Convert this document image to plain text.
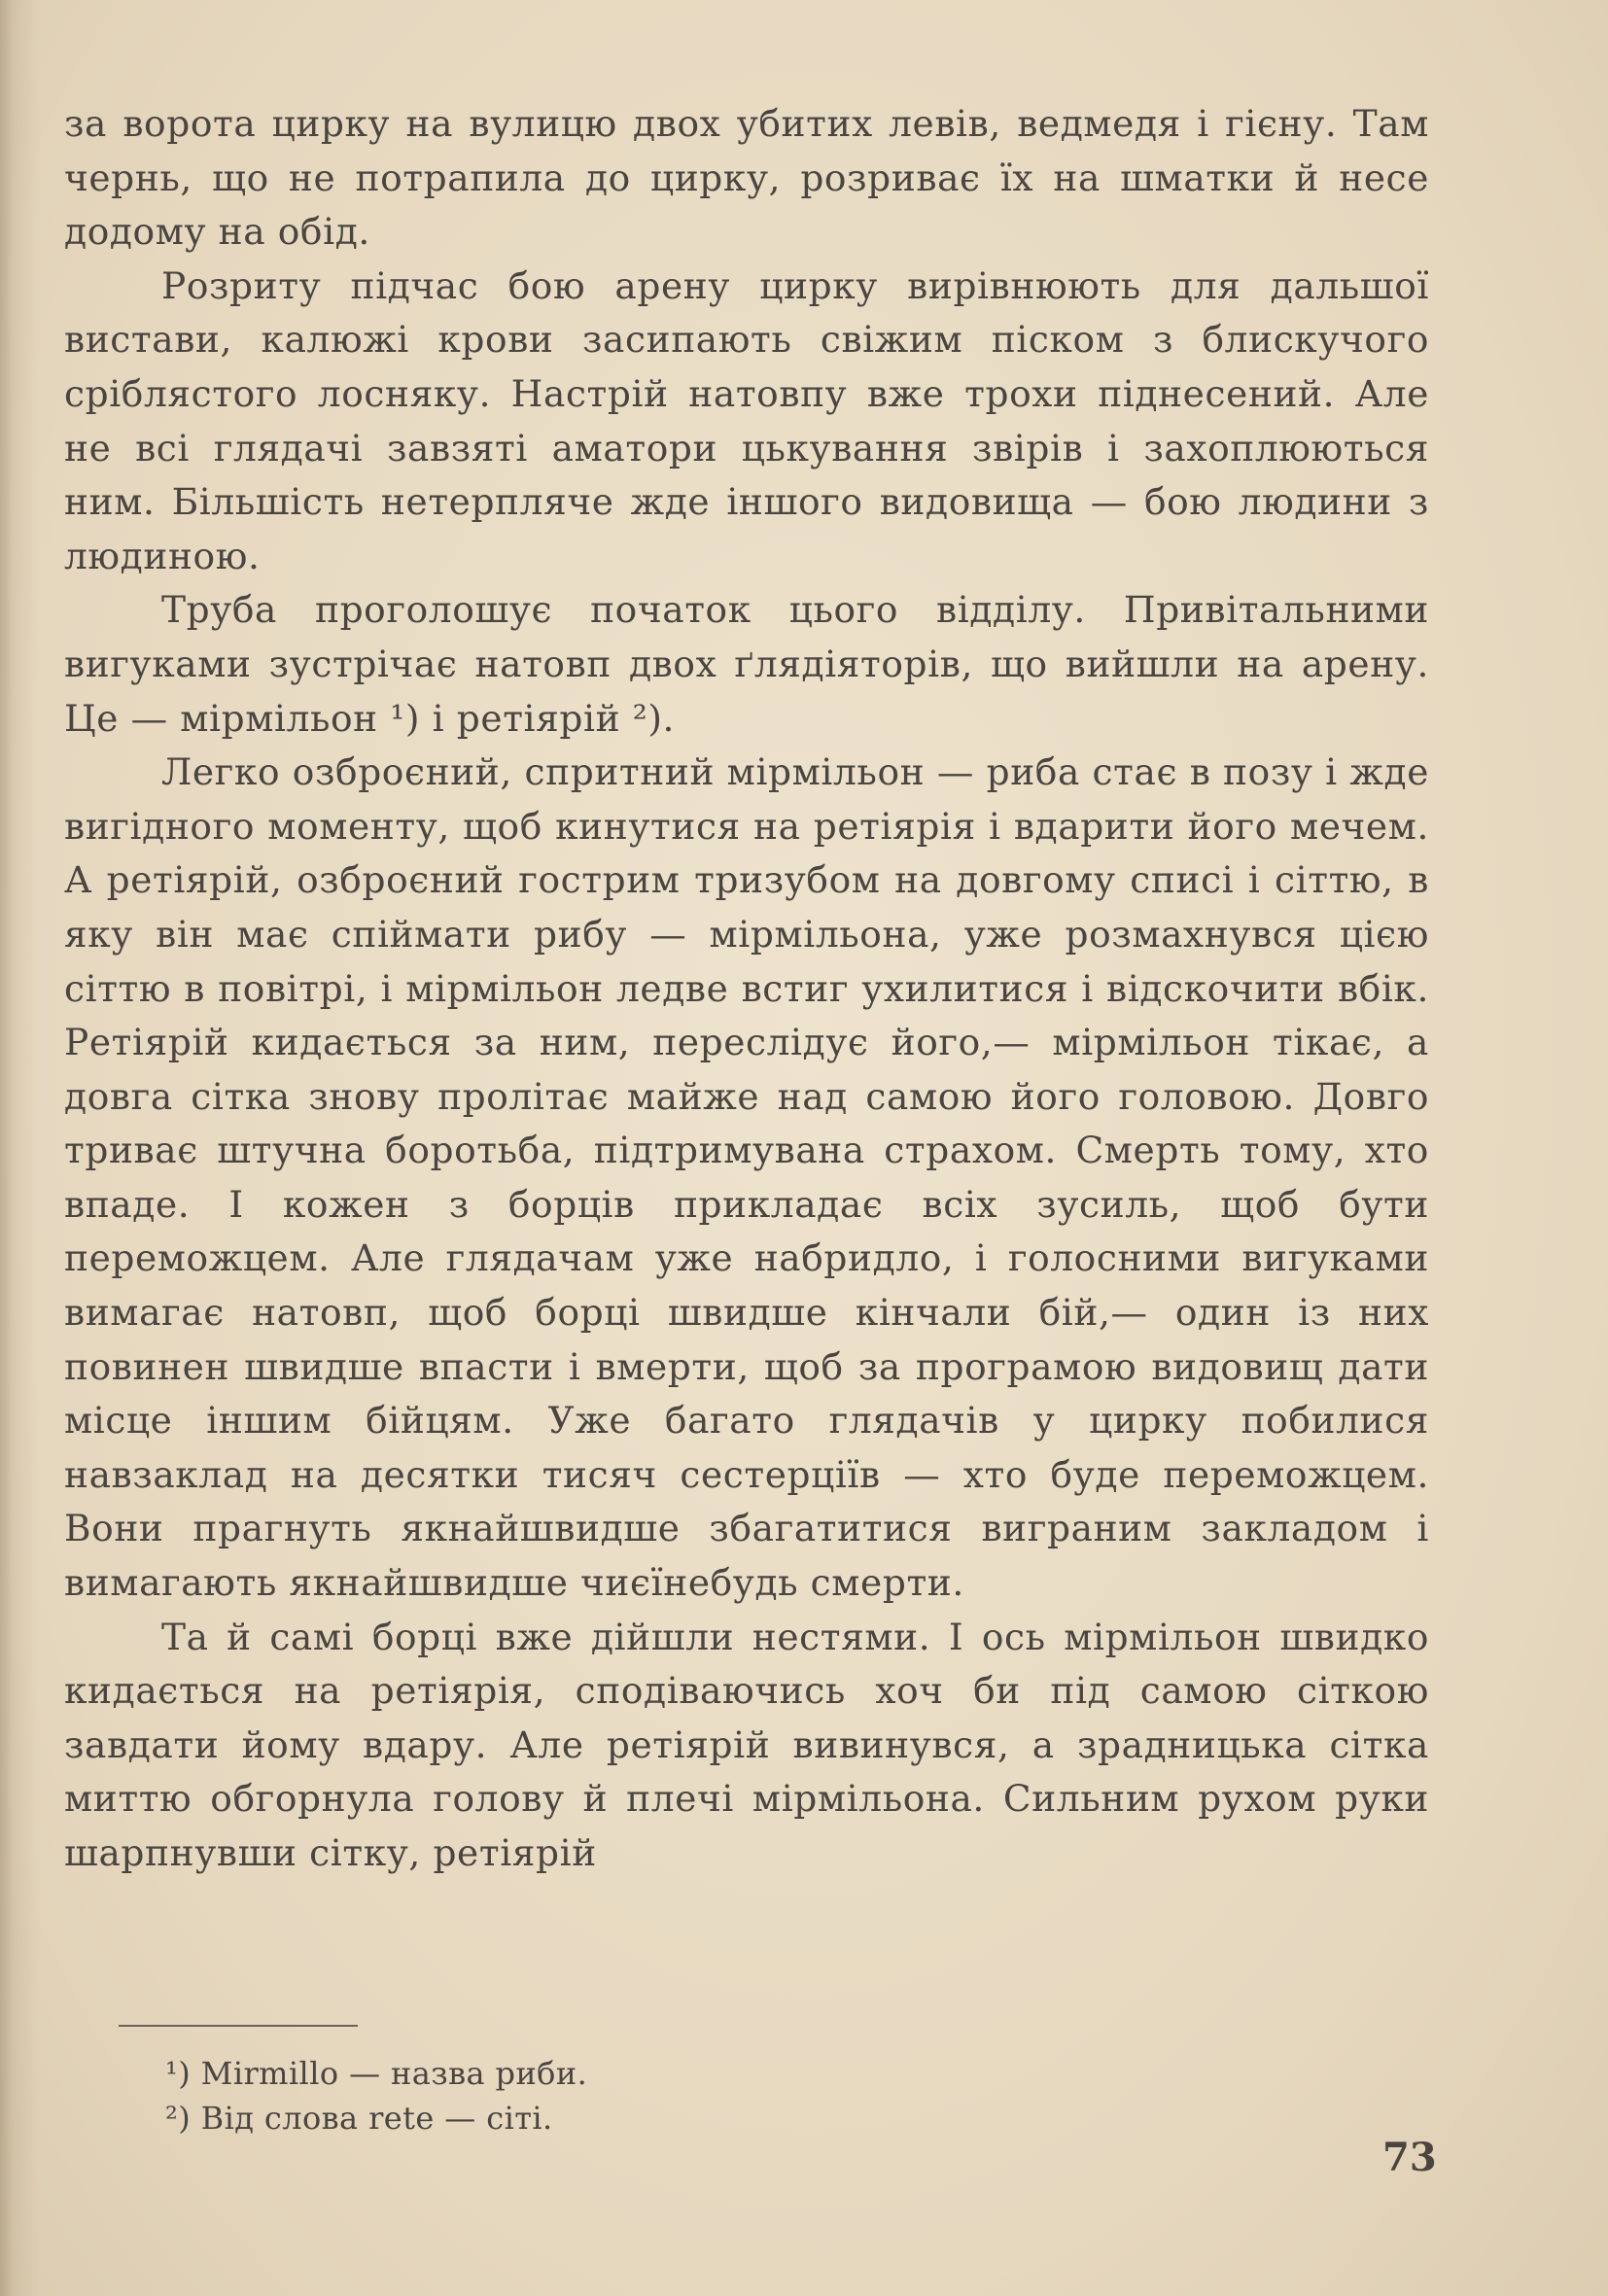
за ворота цирку на вулицю двох убитих левів, ведмедя і гієну. Там чернь, що не потрапила до цирку, розриває їх на шматки й несе додому на обід.

Розриту підчас бою арену цирку вирівнюють для дальшої вистави, калюжі крови засипають свіжим піском з блискучого сріблястого лосняку. Настрій натовпу вже трохи піднесений. Але не всі глядачі завзяті аматори цькування звірів і захоплюються ним. Більшість нетерпляче жде іншого видовища — бою людини з людиною.

Труба проголошує початок цього відділу. Привітальними вигуками зустрічає натовп двох ґлядіяторів, що вийшли на арену. Це — мірмільон ¹) і ретіярій ²).

Легко озброєний, спритний мірмільон — риба стає в позу і жде вигідного моменту, щоб кинутися на ретіярія і вдарити його мечем. А ретіярій, озброєний гострим тризубом на довгому списі і сіттю, в яку він має спіймати рибу — мірмільона, уже розмахнувся цією сіттю в повітрі, і мірмільон ледве встиг ухилитися і відскочити вбік. Ретіярій кидається за ним, переслідує його,— мірмільон тікає, а довга сітка знову пролітає майже над самою його головою. Довго триває штучна боротьба, підтримувана страхом. Смерть тому, хто впаде. І кожен з борців прикладає всіх зусиль, щоб бути переможцем. Але глядачам уже набридло, і голосними вигуками вимагає натовп, щоб борці швидше кінчали бій,— один із них повинен швидше впасти і вмерти, щоб за програмою видовищ дати місце іншим бійцям. Уже багато глядачів у цирку побилися навзаклад на десятки тисяч сестерціїв — хто буде переможцем. Вони прагнуть якнайшвидше збагатитися виграним закладом і вимагають якнайшвидше чиєїнебудь смерти.

Та й самі борці вже дійшли нестями. І ось мірмільон швидко кидається на ретіярія, сподіваючись хоч би під самою сіткою завдати йому вдару. Але ретіярій вивинувся, а зрадницька сітка миттю обгорнула голову й плечі мірмільона. Сильним рухом руки шарпнувши сітку, ретіярій

¹) Mirmillo — назва риби.

²) Від слова rete — сіті.

73
